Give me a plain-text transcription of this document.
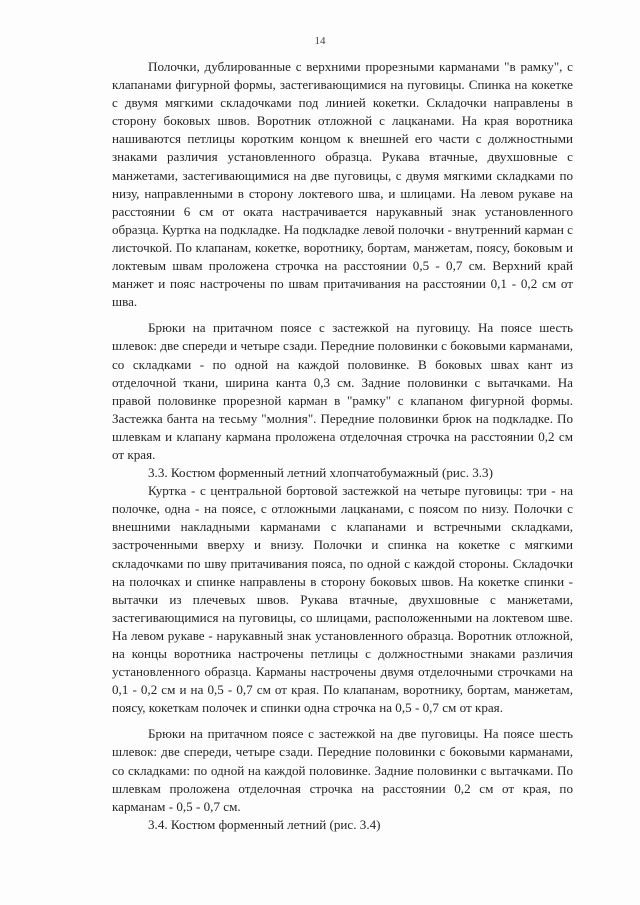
14

Полочки, дублированные с верхними прорезными карманами "в рамку", с клапанами фигурной формы, застегивающимися на пуговицы. Спинка на кокетке с двумя мягкими складочками под линией кокетки. Складочки направлены в сторону боковых швов. Воротник отложной с лацканами. На края воротника нашиваются петлицы коротким концом к внешней его части с должностными знаками различия установленного образца. Рукава втачные, двухшовные с манжетами, застегивающимися на две пуговицы, с двумя мягкими складками по низу, направленными в сторону локтевого шва, и шлицами. На левом рукаве на расстоянии 6 см от оката настрачивается нарукавный знак установленного образца. Куртка на подкладке. На подкладке левой полочки - внутренний карман с листочкой. По клапанам, кокетке, воротнику, бортам, манжетам, поясу, боковым и локтевым швам проложена строчка на расстоянии 0,5 - 0,7 см. Верхний край манжет и пояс настрочены по швам притачивания на расстоянии 0,1 - 0,2 см от шва.

Брюки на притачном поясе с застежкой на пуговицу. На поясе шесть шлевок: две спереди и четыре сзади. Передние половинки с боковыми карманами, со складками - по одной на каждой половинке. В боковых швах кант из отделочной ткани, ширина канта 0,3 см. Задние половинки с вытачками. На правой половинке прорезной карман в "рамку" с клапаном фигурной формы. Застежка банта на тесьму "молния". Передние половинки брюк на подкладке. По шлевкам и клапану кармана проложена отделочная строчка на расстоянии 0,2 см от края.

3.3. Костюм форменный летний хлопчатобумажный (рис. 3.3)

Куртка - с центральной бортовой застежкой на четыре пуговицы: три - на полочке, одна - на поясе, с отложными лацканами, с поясом по низу. Полочки с внешними накладными карманами с клапанами и встречными складками, застроченными вверху и внизу. Полочки и спинка на кокетке с мягкими складочками по шву притачивания пояса, по одной с каждой стороны. Складочки на полочках и спинке направлены в сторону боковых швов. На кокетке спинки - вытачки из плечевых швов. Рукава втачные, двухшовные с манжетами, застегивающимися на пуговицы, со шлицами, расположенными на локтевом шве. На левом рукаве - нарукавный знак установленного образца. Воротник отложной, на концы воротника настрочены петлицы с должностными знаками различия установленного образца. Карманы настрочены двумя отделочными строчками на 0,1 - 0,2 см и на 0,5 - 0,7 см от края. По клапанам, воротнику, бортам, манжетам, поясу, кокеткам полочек и спинки одна строчка на 0,5 - 0,7 см от края.

Брюки на притачном поясе с застежкой на две пуговицы. На поясе шесть шлевок: две спереди, четыре сзади. Передние половинки с боковыми карманами, со складками: по одной на каждой половинке. Задние половинки с вытачками. По шлевкам проложена отделочная строчка на расстоянии 0,2 см от края, по карманам - 0,5 - 0,7 см.

3.4. Костюм форменный летний (рис. 3.4)
